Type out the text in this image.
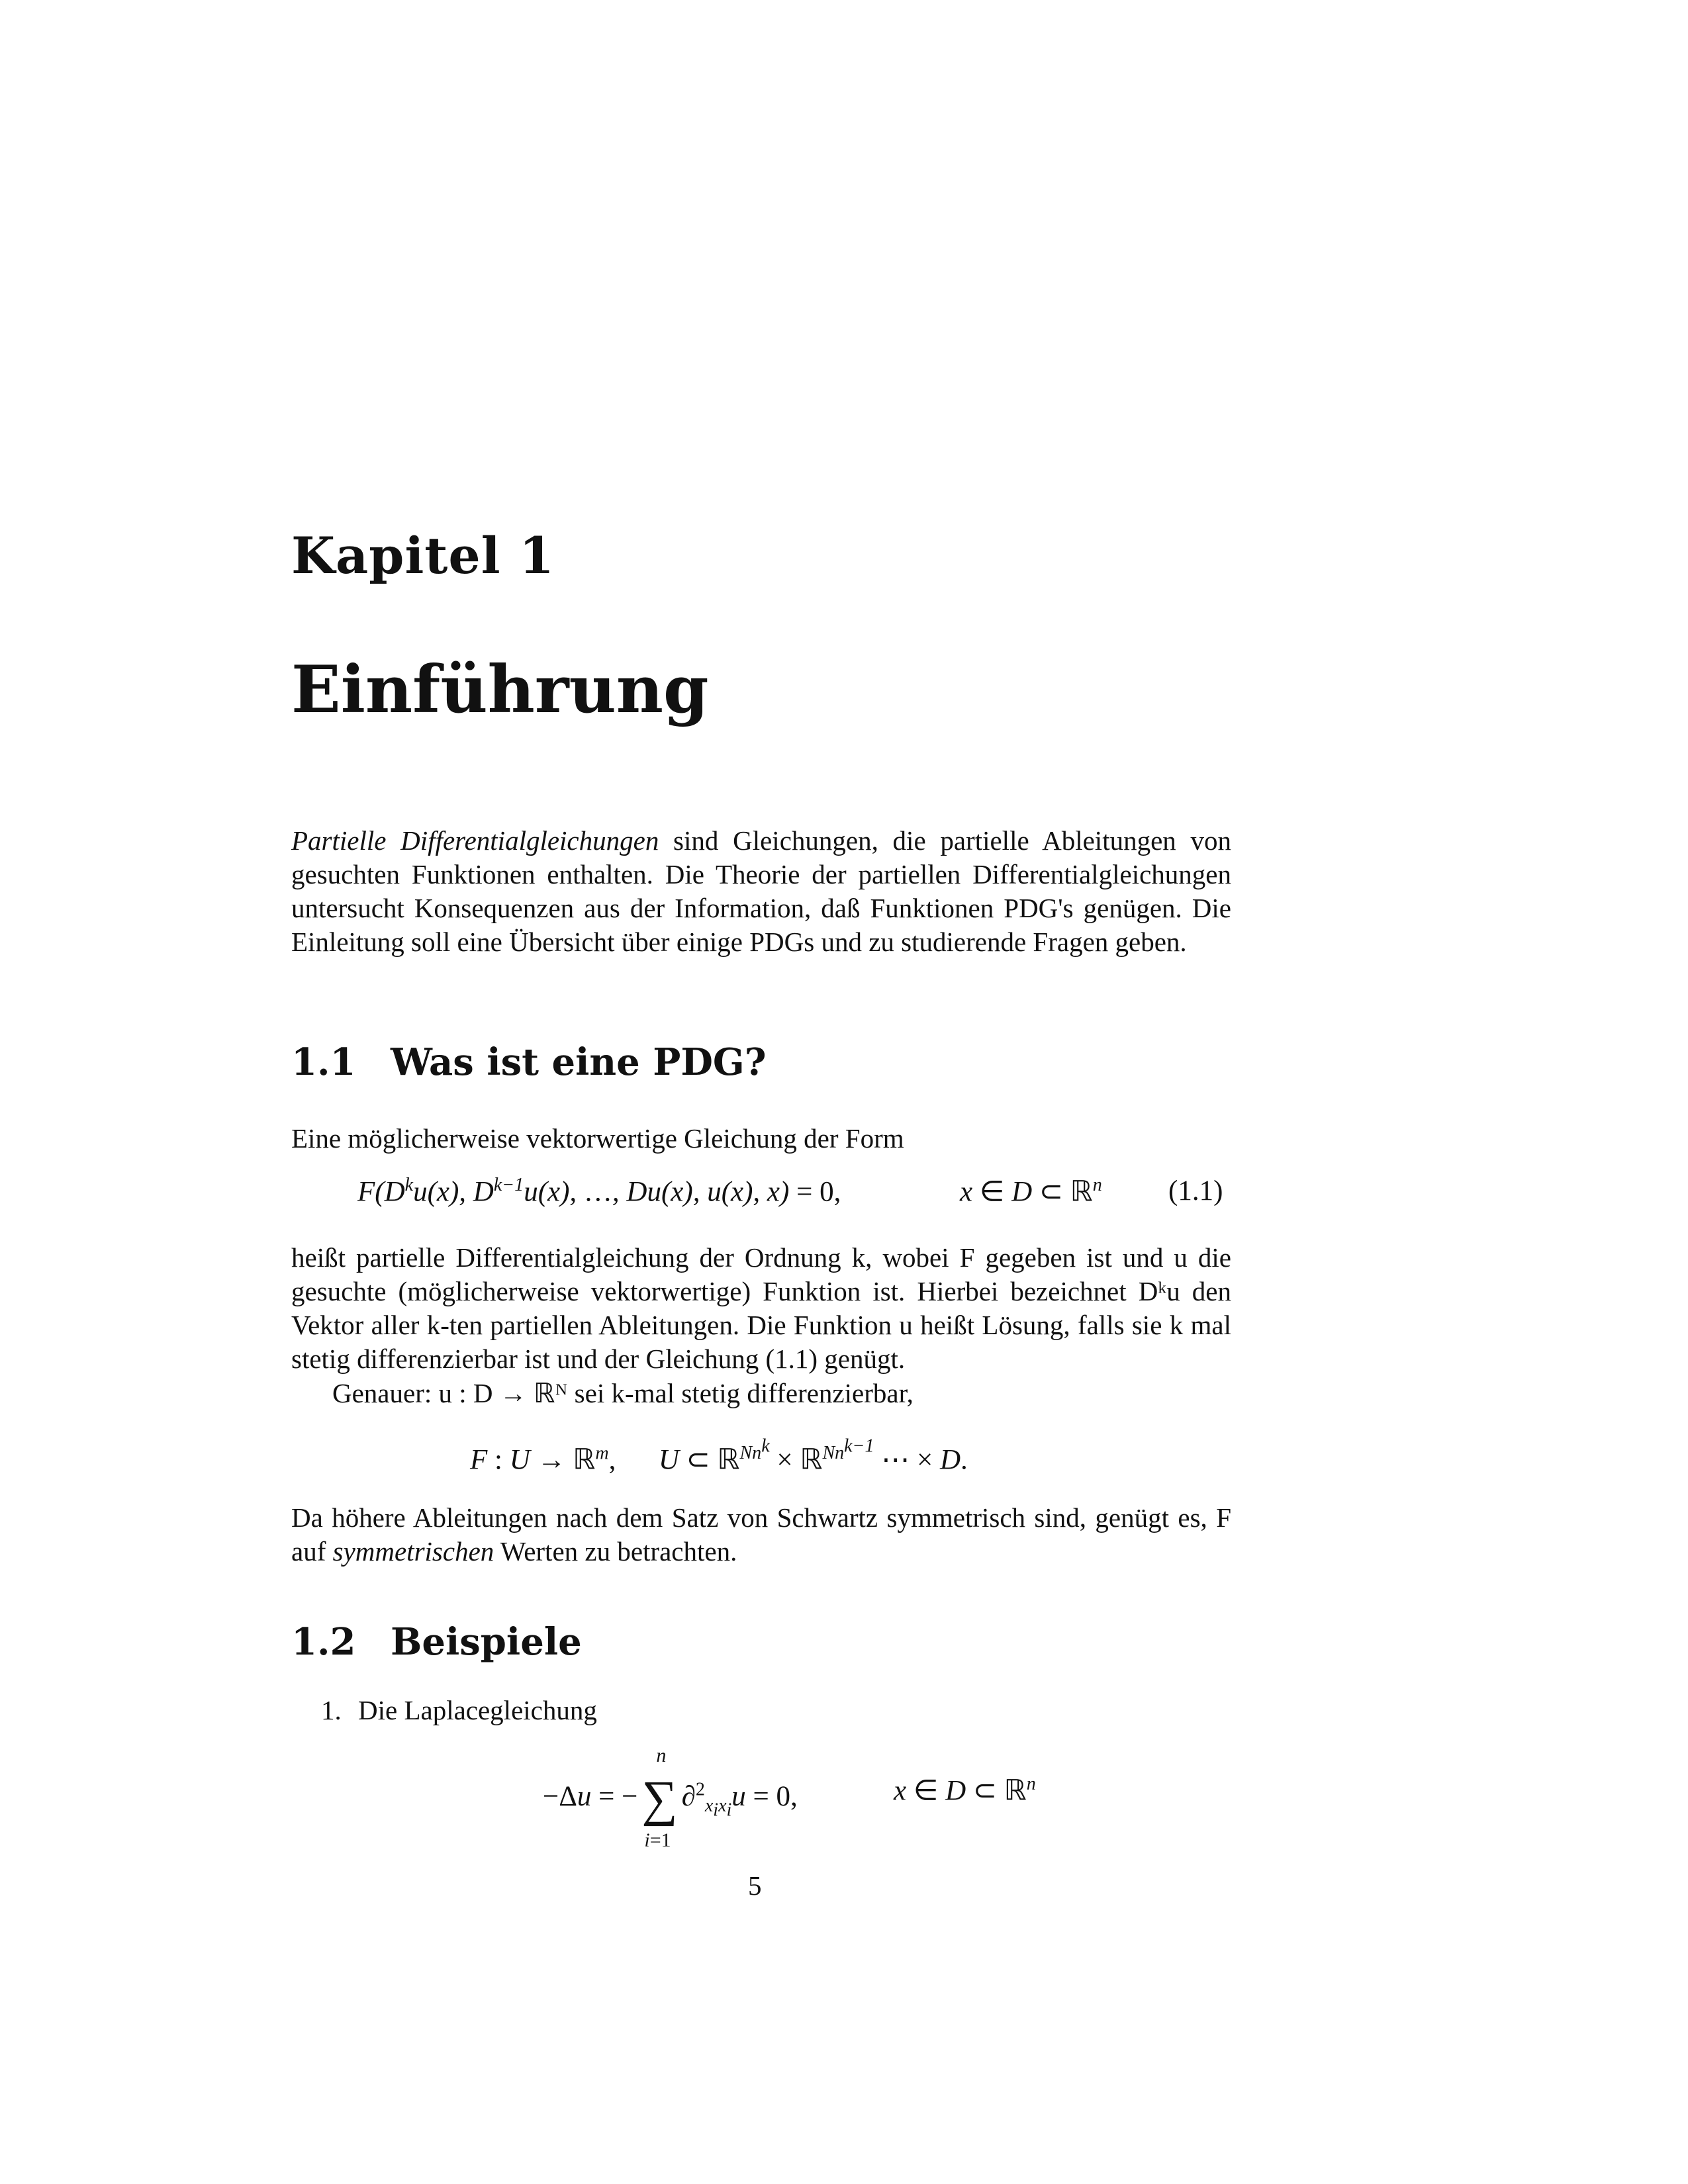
Kapitel 1
Einführung

Partielle Differentialgleichungen sind Gleichungen, die partielle Ableitungen von gesuchten Funktionen enthalten. Die Theorie der partiellen Differentialgleichungen untersucht Konsequenzen aus der Information, daß Funktionen PDG's genügen. Die Einleitung soll eine Übersicht über einige PDGs und zu studierende Fragen geben.

1.1 Was ist eine PDG?
Eine möglicherweise vektorwertige Gleichung der Form
$F(D^ku(x)$, $D^{k-1}u(x)$, …, Du(x), u(x), x) = 0,	x ∈ D ⊂ ℝ$^n$ (1.1)
heißt partielle Differentialgleichung der Ordnung k, wobei F gegeben ist und u die gesuchte (möglicherweise vektorwertige) Funktion ist. Hierbei bezeichnet Dᵏu den Vektor aller k-ten partiellen Ableitungen. Die Funktion u heißt Lösung, falls sie k mal stetig differenzierbar ist und der Gleichung (1.1) genügt.

Genauer: u : D → ℝᴺ sei k-mal stetig differenzierbar,

F : U → ℝ$^m$,      U ⊂ ℝ$^{Nn^k}$ × ℝ$^{Nn^{k-1}}$ ⋯ × D.

Da höhere Ableitungen nach dem Satz von Schwartz symmetrisch sind, genügt es, F auf symmetrischen Werten zu betrachten.

1.2 Beispiele
1. Die Laplacegleichung
−Δu = −∑
n
i=1
∂$^2_{x_ix_i}$u = 0,	x ∈ D ⊂ ℝ$^n$
5
